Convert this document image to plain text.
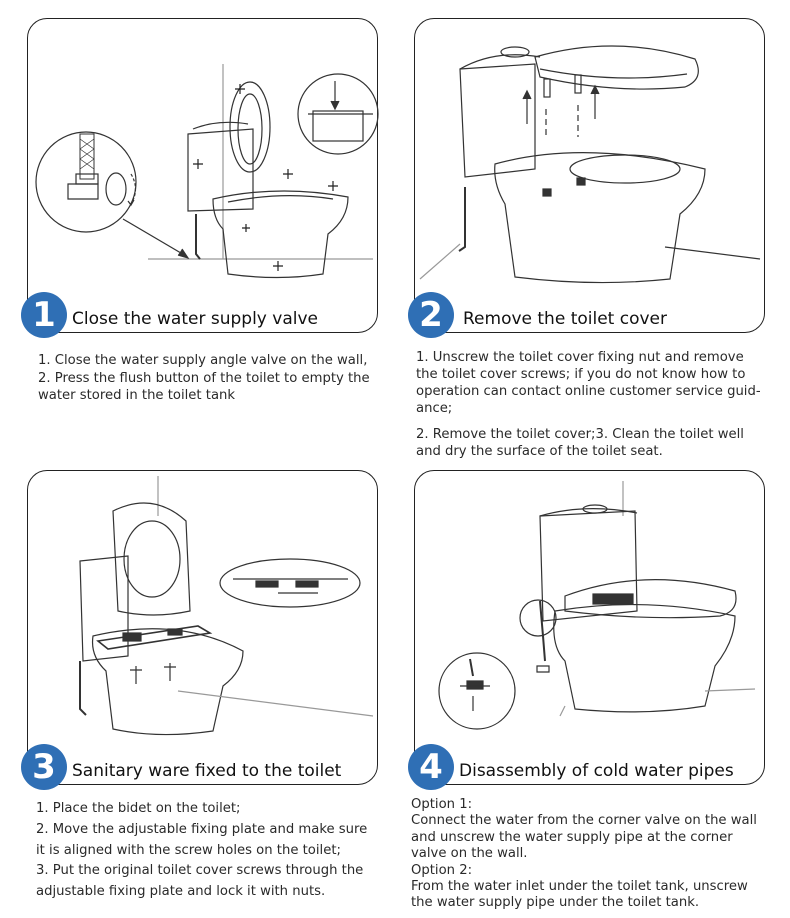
1 Close the water supply valve

1. Close the water supply angle valve on the wall,

2. Press the flush button of the toilet to empty the

water stored in the toilet tank

2	Remove the toilet cover

1. Unscrew the toilet cover fixing nut and remove

the toilet cover screws; if you do not know how to

operation can contact online customer service guid-

ance;

2. Remove the toilet cover;3. Clean the toilet well

and dry the surface of the toilet seat.

3 Sanitary ware fixed to the toilet

1. Place the bidet on the toilet;

2. Move the adjustable fixing plate and make sure

it is aligned with the screw holes on the toilet;

3. Put the original toilet cover screws through the

adjustable fixing plate and lock it with nuts.

4 Disassembly of cold water pipes

Option 1:

Connect the water from the corner valve on the wall

and unscrew the water supply pipe at the corner

valve on the wall.

Option 2:

From the water inlet under the toilet tank, unscrew

the water supply pipe under the toilet tank.
